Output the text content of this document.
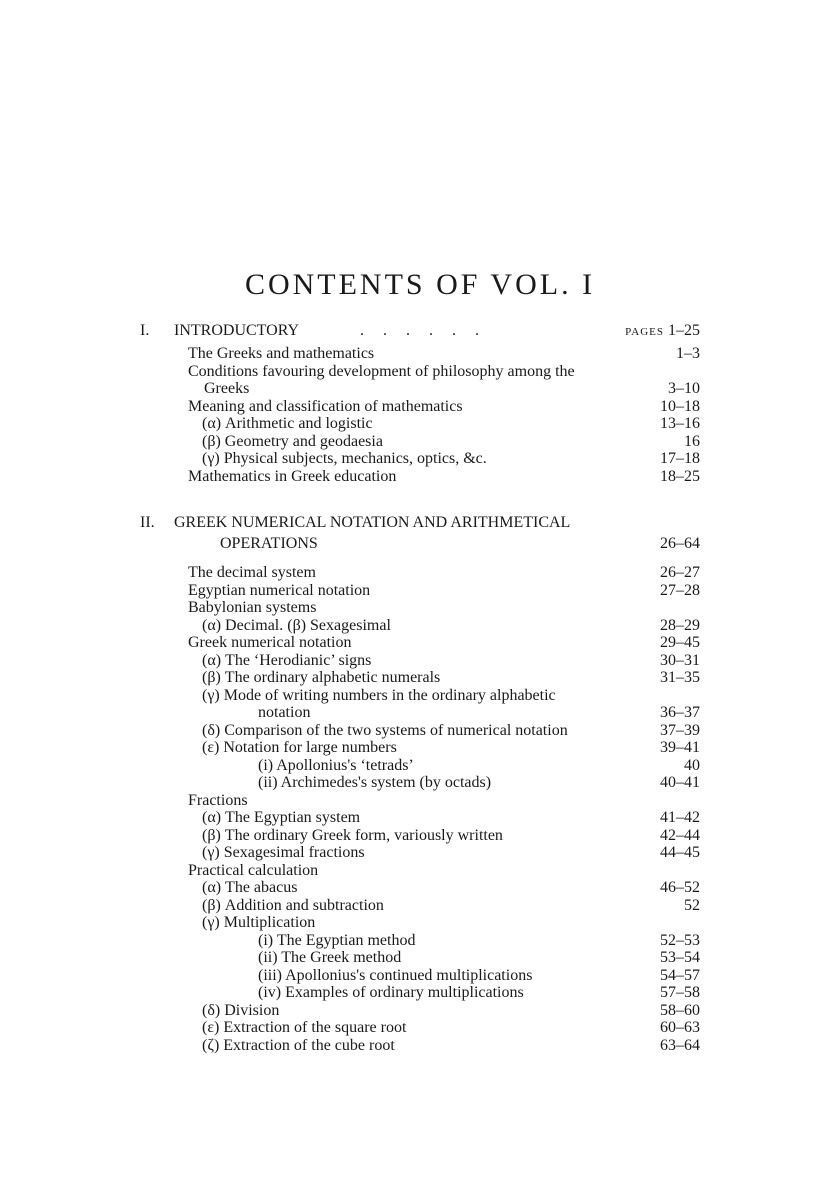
CONTENTS OF VOL. I
I. INTRODUCTORY	......	PAGES 1–25
The Greeks and mathematics	1–3
Conditions favouring development of philosophy among the
Greeks	3–10
Meaning and classification of mathematics	10–18
(α) Arithmetic and logistic	13–16
(β) Geometry and geodaesia	16
(γ) Physical subjects, mechanics, optics, &c.	17–18
Mathematics in Greek education	18–25
II. GREEK NUMERICAL NOTATION AND ARITHMETICAL
OPERATIONS	26–64
The decimal system	26–27
Egyptian numerical notation	27–28
Babylonian systems
(α) Decimal. (β) Sexagesimal	28–29
Greek numerical notation	29–45
(α) The ‘Herodianic’ signs	30–31
(β) The ordinary alphabetic numerals	31–35
(γ) Mode of writing numbers in the ordinary alphabetic
notation	36–37
(δ) Comparison of the two systems of numerical notation	37–39
(ε) Notation for large numbers	39–41
(i) Apollonius's ‘tetrads’	40
(ii) Archimedes's system (by octads)	40–41
Fractions
(α) The Egyptian system	41–42
(β) The ordinary Greek form, variously written	42–44
(γ) Sexagesimal fractions	44–45
Practical calculation
(α) The abacus	46–52
(β) Addition and subtraction	52
(γ) Multiplication
(i) The Egyptian method	52–53
(ii) The Greek method	53–54
(iii) Apollonius's continued multiplications	54–57
(iv) Examples of ordinary multiplications	57–58
(δ) Division	58–60
(ε) Extraction of the square root	60–63
(ζ) Extraction of the cube root	63–64
